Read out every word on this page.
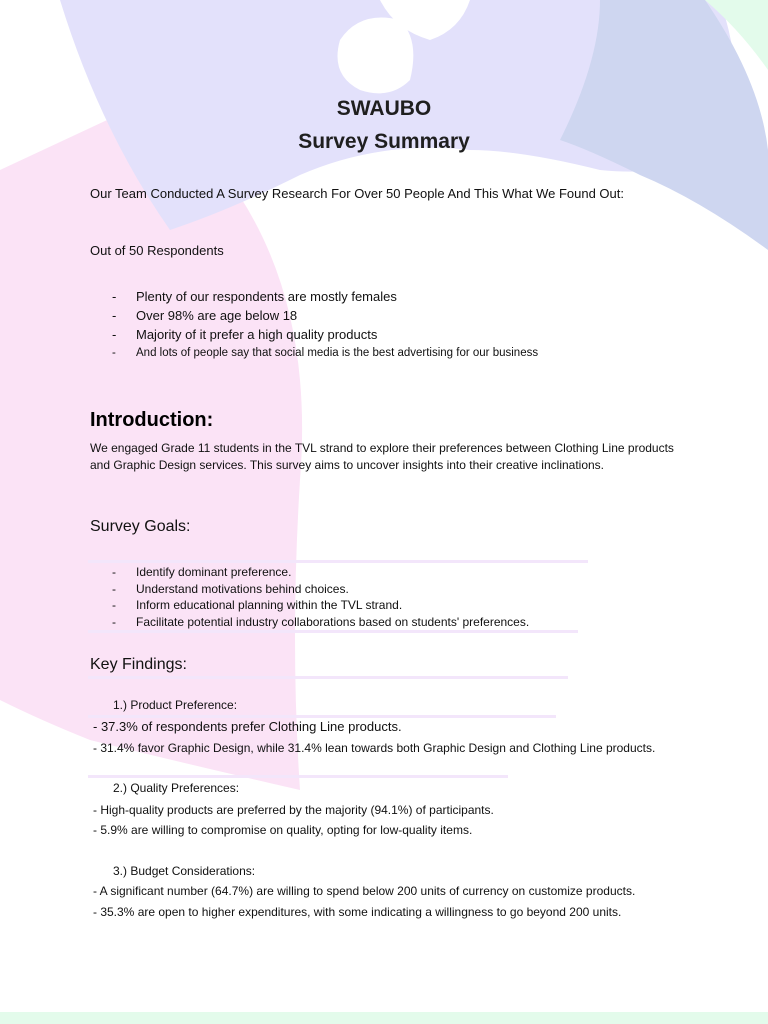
SWAUBO
Survey Summary
Our Team Conducted A Survey Research For Over 50 People And This What We Found Out:
Out of 50 Respondents
- Plenty of our respondents are mostly females
- Over 98% are age below 18
- Majority of it prefer a high quality products
- And lots of people say that social media is the best advertising for our business
Introduction:
We engaged Grade 11 students in the TVL strand to explore their preferences between Clothing Line products and Graphic Design services. This survey aims to uncover insights into their creative inclinations.
Survey Goals:
- Identify dominant preference.
- Understand motivations behind choices.
- Inform educational planning within the TVL strand.
- Facilitate potential industry collaborations based on students' preferences.
Key Findings:
1.) Product Preference:
- 37.3% of respondents prefer Clothing Line products.
- 31.4% favor Graphic Design, while 31.4% lean towards both Graphic Design and Clothing Line products.
2.) Quality Preferences:
- High-quality products are preferred by the majority (94.1%) of participants.
- 5.9% are willing to compromise on quality, opting for low-quality items.
3.) Budget Considerations:
- A significant number (64.7%) are willing to spend below 200 units of currency on customize products.
- 35.3% are open to higher expenditures, with some indicating a willingness to go beyond 200 units.
